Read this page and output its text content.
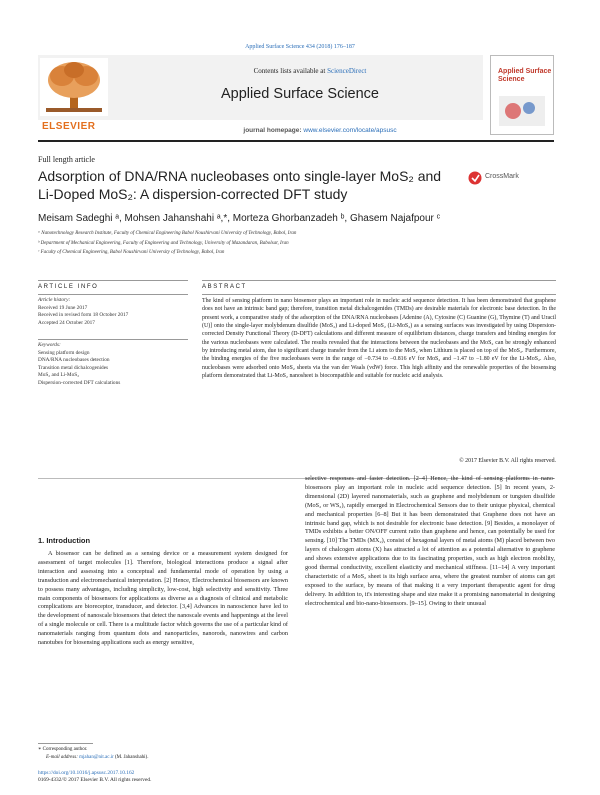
Applied Surface Science 434 (2018) 176–187
ELSEVIER
Contents lists available at ScienceDirect
Applied Surface Science
journal homepage: www.elsevier.com/locate/apsusc
Applied Surface Science
Full length article
Adsorption of DNA/RNA nucleobases onto single-layer MoS₂ and Li-Doped MoS₂: A dispersion-corrected DFT study
CrossMark
Meisam Sadeghi ᵃ, Mohsen Jahanshahi ᵃ,*, Morteza Ghorbanzadeh ᵇ, Ghasem Najafpour ᶜ
ᵃ Nanotechnology Research Institute, Faculty of Chemical Engineering Babol Noushirvani University of Technology, Babol, Iran
ᵇ Department of Mechanical Engineering, Faculty of Engineering and Technology, University of Mazandaran, Babolsar, Iran
ᶜ Faculty of Chemical Engineering, Babol Noushirvani University of Technology, Babol, Iran
ARTICLE INFO	ABSTRACT
Article history:
Received 19 June 2017
Received in revised form 18 October 2017
Accepted 24 October 2017
Keywords:
Sensing platform design
DNA/RNA nucleobases detection
Transition metal dichalcogenides
MoS₂ and Li-MoS₂
Dispersion-corrected DFT calculations
The kind of sensing platform in nano biosensor plays an important role in nucleic acid sequence detection. It has been demonstrated that graphene does not have an intrinsic band gap; therefore, transition metal dichalcogenides (TMDs) are desirable materials for electronic base detection. In the present work, a comparative study of the adsorption of the DNA/RNA nucleobases [Adenine (A), Cytosine (C) Guanine (G), Thymine (T) and Uracil (U)] onto the single-layer molybdenum disulfide (MoS₂) and Li-doped MoS₂ (Li-MoS₂) as a sensing surfaces was investigated by using Dispersion-corrected Density Functional Theory (D-DFT) calculations and different measure of equilibrium distances, charge transfers and binding energies for the various nucleobases were calculated. The results revealed that the interactions between the nucleobases and the MoS₂ can be strongly enhanced by introducing metal atom, due to significant charge transfer from the Li atom to the MoS₂ when Lithium is placed on top of the MoS₂. Furthermore, the binding energies of the five nucleobases were in the range of −0.734 to −0.816 eV for MoS₂ and −1.47 to −1.80 eV for the Li-MoS₂. Also, nucleobases were adsorbed onto MoS₂ sheets via the van der Waals (vdW) force. This high affinity and the renewable properties of the biosensing platform demonstrated that Li-MoS₂ nanosheet is biocompatible and suitable for nucleic acid analysis.
© 2017 Elsevier B.V. All rights reserved.
1. Introduction

A biosensor can be defined as a sensing device or a measurement system designed for assessment of target molecules [1]. Therefore, biological interactions produce a signal after interaction and assessing into a conceptual and fundamental mode of operation by using a transduction and electromechanical interpretation. [2] Hence, Electrochemical biosensors are known to possess many advantages, including simplicity, low-cost, high selectivity and sensitivity. Three main components of biosensors for applications as diverse as a diagnosis of clinical and metabolic complications are bioreceptor, transducer, and detector. [3,4] Advances in nanoscience have led to the development of nanoscale biosensors that detect the nanoscale events and happenings at the level of a single molecule or cell. There is a multitude factor which governs the use of a particular kind of nanomaterials ranging from quantum dots and nanoparticles, nanorods, nanowires and carbon nanotubes for biosensing applications such as energy sensitive,

selective responses and faster detection. [2–4] Hence, the kind of sensing platforms in nano-biosensors play an important role in nucleic acid sequence detection. [5] In recent years, 2-dimensional (2D) layered nanomaterials, such as graphene and molybdenum or tungsten disulfide (MoS₂ or WS₂), rapidly emerged in Electrochemical Sensors due to their unique physical, chemical and mechanical properties [6–8] But it has been demonstrated that Graphene does not have an intrinsic band gap, which is not desirable for electronic base detection. [9] Besides, a monolayer of TMDs exhibits a better ON/OFF current ratio than graphene and hence, can potentially be used for sensing. [10] The TMDs (MX₂), consist of hexagonal layers of metal atoms (M) placed between two layers of chalcogen atoms (X) has attracted a lot of attention as a potential alternative to graphene and shows extensive applications due to its fascinating properties, such as high electron mobility, good thermal conductivity, excellent elasticity and mechanical stiffness. [11–14] A very important characteristic of a MoS₂ sheet is its high surface area, where the greatest number of atoms can get exposed to the surface, by means of that making it a very important therapeutic agent for drug delivery. In addition to, it's interesting shape and size make it a promising nanomaterial in designing electrochemical and bio-nano-biosensors. [9–15]. Owing to their unusual

∗ Corresponding author.
E-mail address: mjahan@nit.ac.ir (M. Jahanshahi).
https://doi.org/10.1016/j.apsusc.2017.10.162
0169-4332/© 2017 Elsevier B.V. All rights reserved.
